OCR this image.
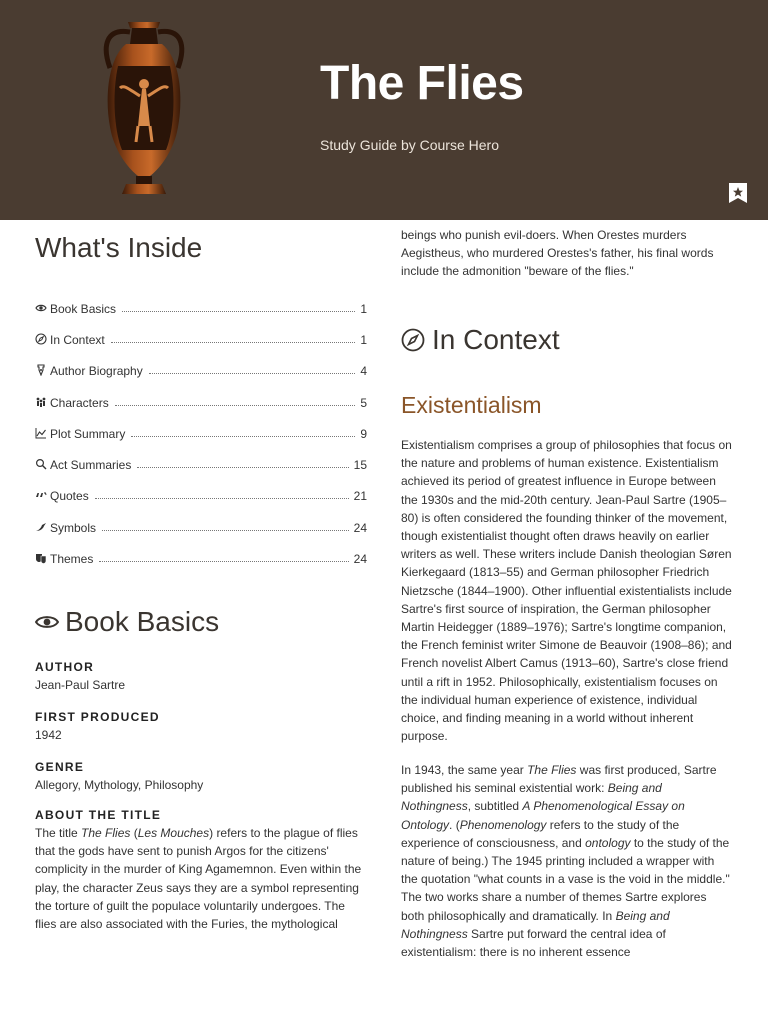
The Flies
Study Guide by Course Hero
What's Inside
Book Basics	1
In Context	1
Author Biography	4
Characters	5
Plot Summary	9
Act Summaries	15
Quotes	21
Symbols	24
Themes	24
Book Basics
AUTHOR
Jean-Paul Sartre
FIRST PRODUCED
1942
GENRE
Allegory, Mythology, Philosophy
ABOUT THE TITLE
The title The Flies (Les Mouches) refers to the plague of flies that the gods have sent to punish Argos for the citizens' complicity in the murder of King Agamemnon. Even within the play, the character Zeus says they are a symbol representing the torture of guilt the populace voluntarily undergoes. The flies are also associated with the Furies, the mythological
beings who punish evil-doers. When Orestes murders Aegistheus, who murdered Orestes's father, his final words include the admonition "beware of the flies."
In Context
Existentialism
Existentialism comprises a group of philosophies that focus on the nature and problems of human existence. Existentialism achieved its period of greatest influence in Europe between the 1930s and the mid-20th century. Jean-Paul Sartre (1905–80) is often considered the founding thinker of the movement, though existentialist thought often draws heavily on earlier writers as well. These writers include Danish theologian Søren Kierkegaard (1813–55) and German philosopher Friedrich Nietzsche (1844–1900). Other influential existentialists include Sartre's first source of inspiration, the German philosopher Martin Heidegger (1889–1976); Sartre's longtime companion, the French feminist writer Simone de Beauvoir (1908–86); and French novelist Albert Camus (1913–60), Sartre's close friend until a rift in 1952. Philosophically, existentialism focuses on the individual human experience of existence, individual choice, and finding meaning in a world without inherent purpose.
In 1943, the same year The Flies was first produced, Sartre published his seminal existential work: Being and Nothingness, subtitled A Phenomenological Essay on Ontology. (Phenomenology refers to the study of the experience of consciousness, and ontology to the study of the nature of being.) The 1945 printing included a wrapper with the quotation "what counts in a vase is the void in the middle." The two works share a number of themes Sartre explores both philosophically and dramatically. In Being and Nothingness Sartre put forward the central idea of existentialism: there is no inherent essence
